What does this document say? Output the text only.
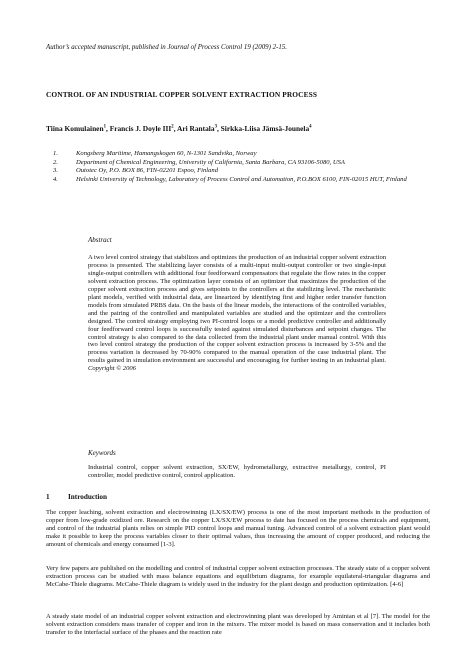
Author’s accepted manuscript, published in Journal of Process Control 19 (2009) 2-15.
CONTROL OF AN INDUSTRIAL COPPER SOLVENT EXTRACTION PROCESS
Tiina Komulainen$^1$, Francis J. Doyle III$^2$, Ari Rantala$^3$, Sirkka-Liisa Jämsä-Jounela$^4$
1.	Kongsberg Maritime, Hamangskogen 60, N-1301 Sandvika, Norway
2.	Department of Chemical Engineering, University of California, Santa Barbara, CA 93106-5080, USA
3.	Outotec Oy, P.O. BOX 86, FIN-02201 Espoo, Finland
4.	Helsinki University of Technology, Laboratory of Process Control and Automation, P.O.BOX 6100, FIN-02015 HUT, Finland
Abstract
A two level control strategy that stabilizes and optimizes the production of an industrial copper solvent extraction process is presented. The stabilizing layer consists of a multi-input multi-output controller or two single-input single-output controllers with additional four feedforward compensators that regulate the flow rates in the copper solvent extraction process. The optimization layer consists of an optimizer that maximizes the production of the copper solvent extraction process and gives setpoints to the controllers at the stabilizing level. The mechanistic plant models, verified with industrial data, are linearized by identifying first and higher order transfer function models from simulated PRBS data. On the basis of the linear models, the interactions of the controlled variables, and the pairing of the controlled and manipulated variables are studied and the optimizer and the controllers designed. The control strategy employing two PI-control loops or a model predictive controller and additionally four feedforward control loops is successfully tested against simulated disturbances and setpoint changes. The control strategy is also compared to the data collected from the industrial plant under manual control. With this two level control strategy the production of the copper solvent extraction process is increased by 3-5% and the process variation is decreased by 70-90% compared to the manual operation of the case industrial plant. The results gained in simulation environment are successful and encouraging for further testing in an industrial plant. Copyright © 2006
Keywords
Industrial control, copper solvent extraction, SX/EW, hydrometallurgy, extractive metallurgy, control, PI controller, model predictive control, control application.
1	Introduction
The copper leaching, solvent extraction and electrowinning (LX/SX/EW) process is one of the most important methods in the production of copper from low-grade oxidized ore. Research on the copper LX/SX/EW process to date has focused on the process chemicals and equipment, and control of the industrial plants relies on simple PID control loops and manual tuning. Advanced control of a solvent extraction plant would make it possible to keep the process variables closer to their optimal values, thus increasing the amount of copper produced, and reducing the amount of chemicals and energy consumed [1-3].
Very few papers are published on the modelling and control of industrial copper solvent extraction processes. The steady state of a copper solvent extraction process can be studied with mass balance equations and equilibrium diagrams, for example equilateral-triangular diagrams and McCabe-Thiele diagrams. McCabe-Thiele diagram is widely used in the industry for the plant design and production optimization. [4-6]
A steady state model of an industrial copper solvent extraction and electrowinning plant was developed by Aminian et al [7]. The model for the solvent extraction considers mass transfer of copper and iron in the mixers. The mixer model is based on mass conservation and it includes both transfer to the interfacial surface of the phases and the reaction rate
